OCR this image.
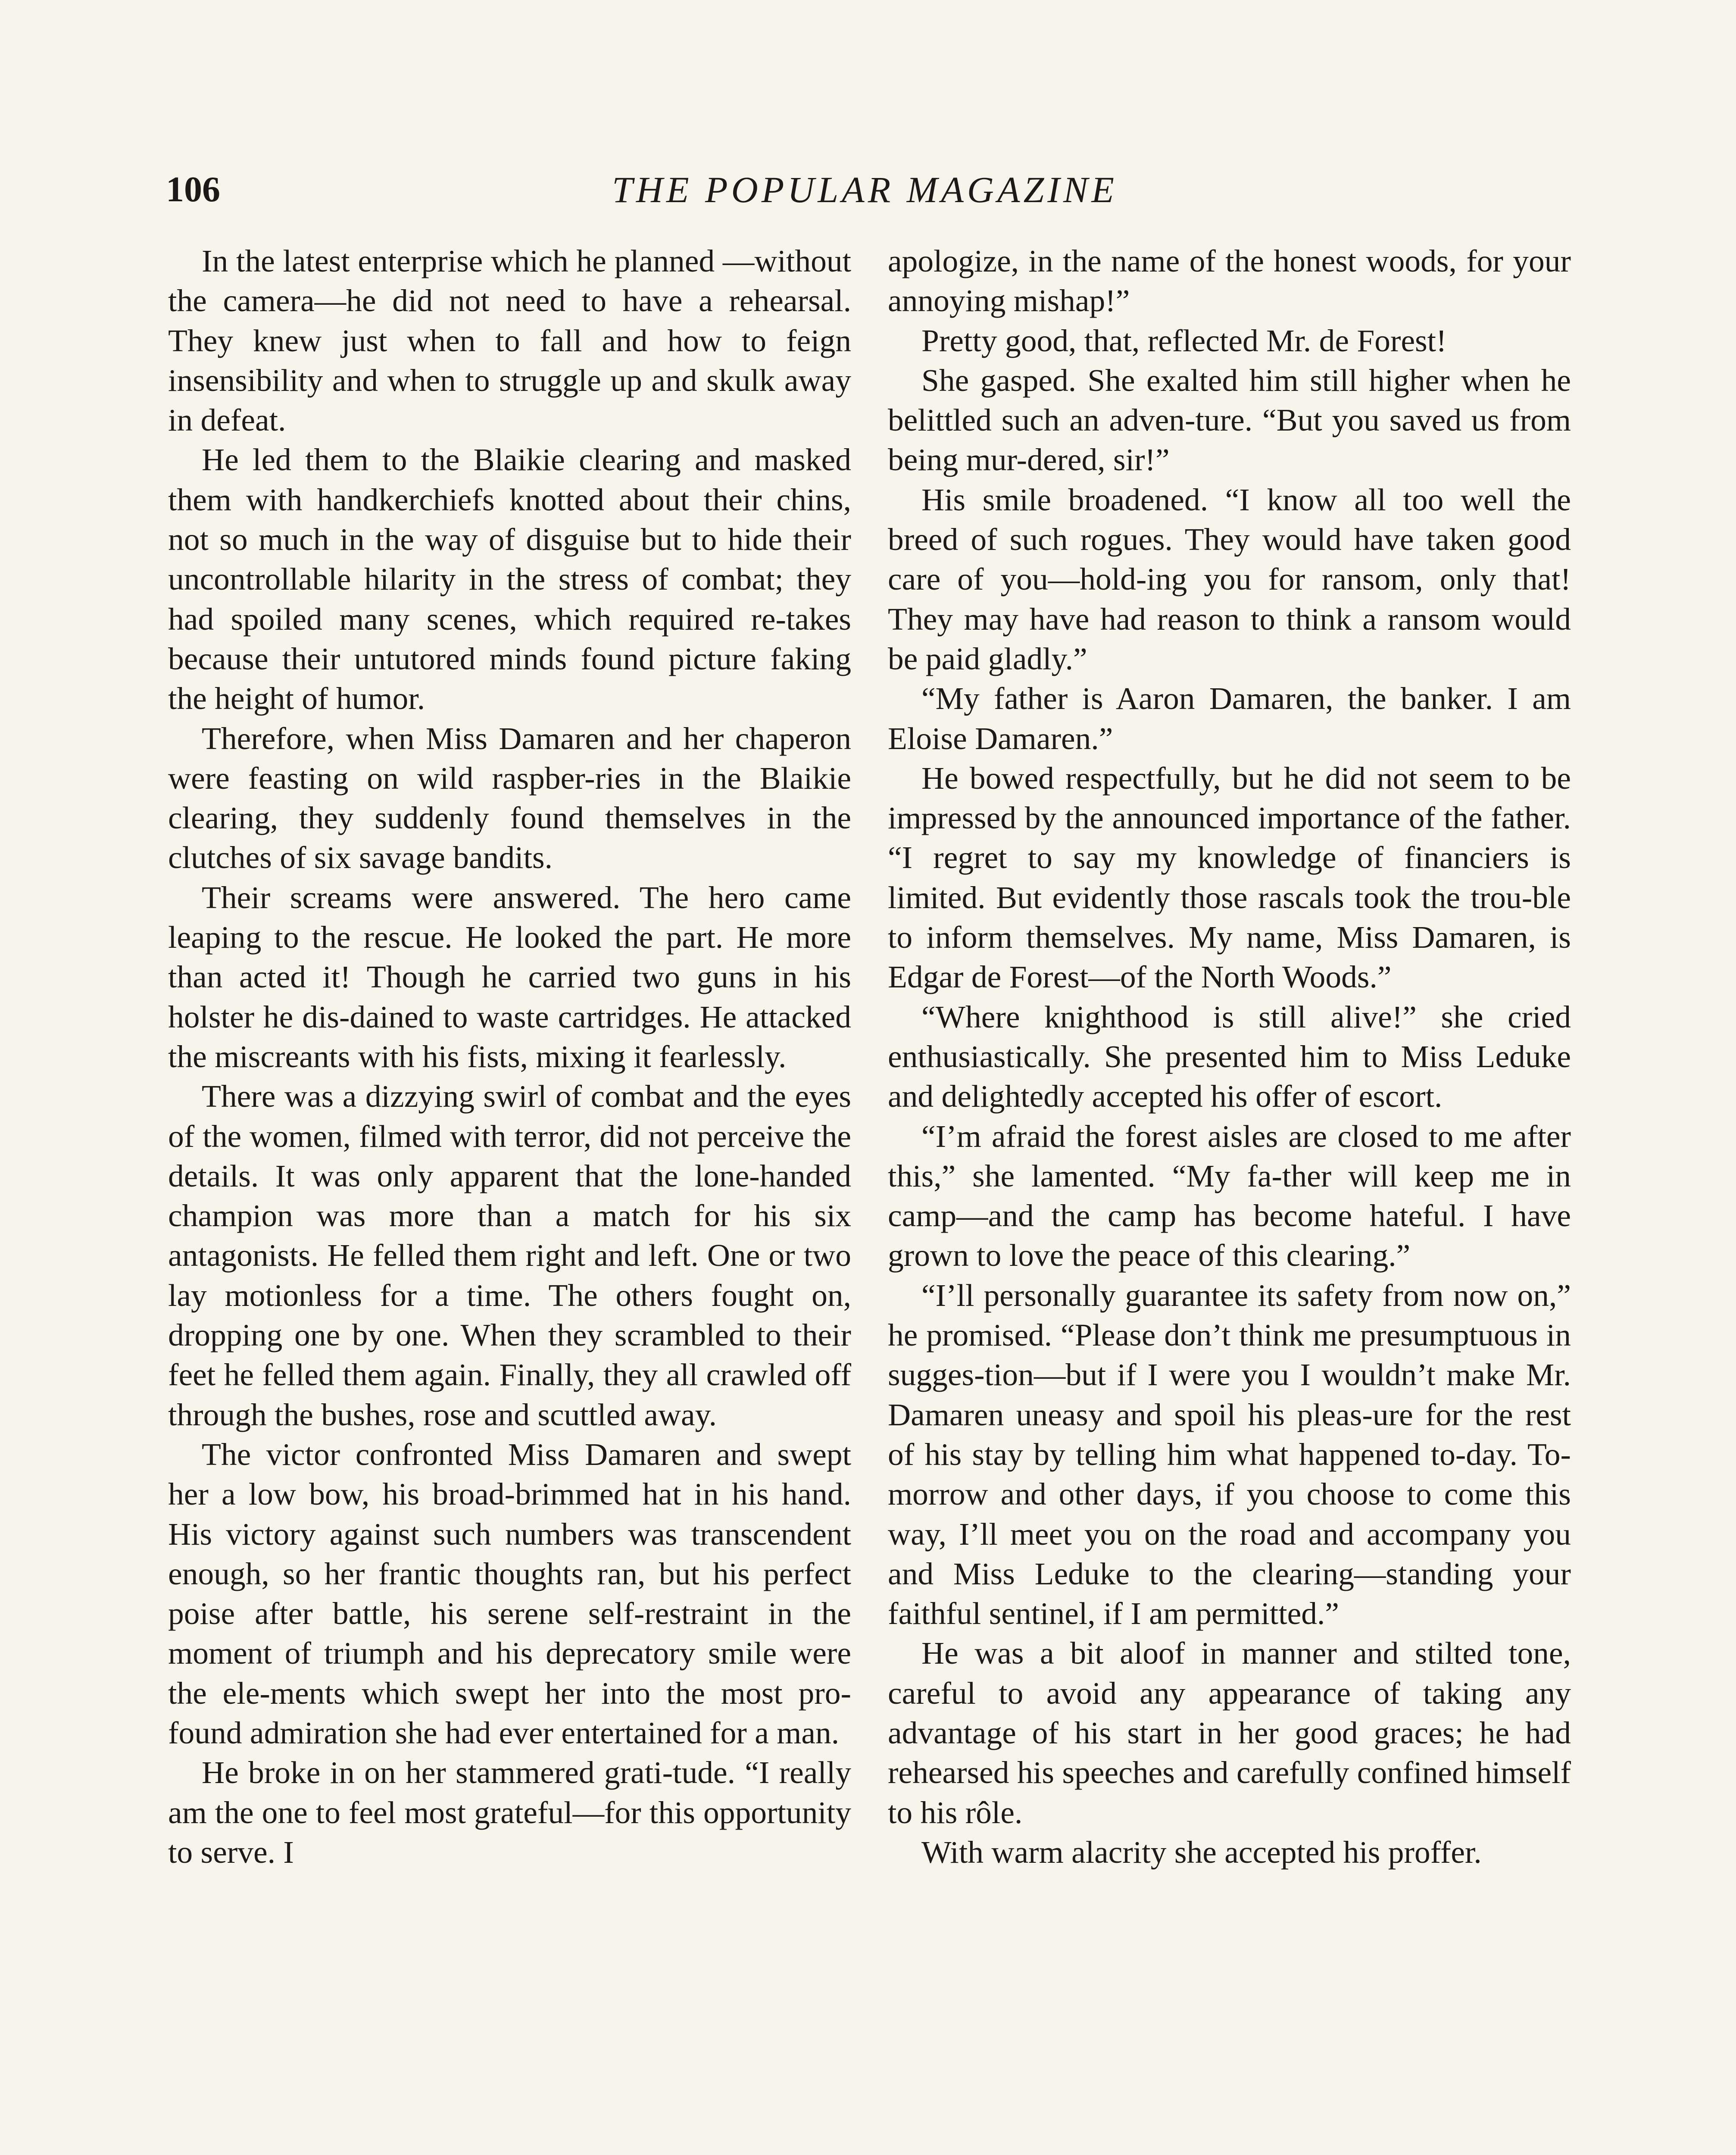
106	THE POPULAR MAGAZINE

In the latest enterprise which he planned —without the camera—he did not need to have a rehearsal. They knew just when to fall and how to feign insensibility and when to struggle up and skulk away in defeat.

He led them to the Blaikie clearing and masked them with handkerchiefs knotted about their chins, not so much in the way of disguise but to hide their uncontrollable hilarity in the stress of combat; they had spoiled many scenes, which required re-takes because their untutored minds found picture faking the height of humor.

Therefore, when Miss Damaren and her chaperon were feasting on wild raspber-ries in the Blaikie clearing, they suddenly found themselves in the clutches of six savage bandits.

Their screams were answered. The hero came leaping to the rescue. He looked the part. He more than acted it! Though he carried two guns in his holster he dis-dained to waste cartridges. He attacked the miscreants with his fists, mixing it fearlessly.

There was a dizzying swirl of combat and the eyes of the women, filmed with terror, did not perceive the details. It was only apparent that the lone-handed champion was more than a match for his six antagonists. He felled them right and left. One or two lay motionless for a time. The others fought on, dropping one by one. When they scrambled to their feet he felled them again. Finally, they all crawled off through the bushes, rose and scuttled away.

The victor confronted Miss Damaren and swept her a low bow, his broad-brimmed hat in his hand. His victory against such numbers was transcendent enough, so her frantic thoughts ran, but his perfect poise after battle, his serene self-restraint in the moment of triumph and his deprecatory smile were the ele-ments which swept her into the most pro-found admiration she had ever entertained for a man.

He broke in on her stammered grati-tude. “I really am the one to feel most grateful—for this opportunity to serve. I

apologize, in the name of the honest woods, for your annoying mishap!”

Pretty good, that, reflected Mr. de Forest!

She gasped. She exalted him still higher when he belittled such an adven-ture. “But you saved us from being mur-dered, sir!”

His smile broadened. “I know all too well the breed of such rogues. They would have taken good care of you—hold-ing you for ransom, only that! They may have had reason to think a ransom would be paid gladly.”

“My father is Aaron Damaren, the banker. I am Eloise Damaren.”

He bowed respectfully, but he did not seem to be impressed by the announced importance of the father. “I regret to say my knowledge of financiers is limited. But evidently those rascals took the trou-ble to inform themselves. My name, Miss Damaren, is Edgar de Forest—of the North Woods.”

“Where knighthood is still alive!” she cried enthusiastically. She presented him to Miss Leduke and delightedly accepted his offer of escort.

“I’m afraid the forest aisles are closed to me after this,” she lamented. “My fa-ther will keep me in camp—and the camp has become hateful. I have grown to love the peace of this clearing.”

“I’ll personally guarantee its safety from now on,” he promised. “Please don’t think me presumptuous in sugges-tion—but if I were you I wouldn’t make Mr. Damaren uneasy and spoil his pleas-ure for the rest of his stay by telling him what happened to-day. To-morrow and other days, if you choose to come this way, I’ll meet you on the road and accompany you and Miss Leduke to the clearing—standing your faithful sentinel, if I am permitted.”

He was a bit aloof in manner and stilted tone, careful to avoid any appearance of taking any advantage of his start in her good graces; he had rehearsed his speeches and carefully confined himself to his rôle.

With warm alacrity she accepted his proffer.
